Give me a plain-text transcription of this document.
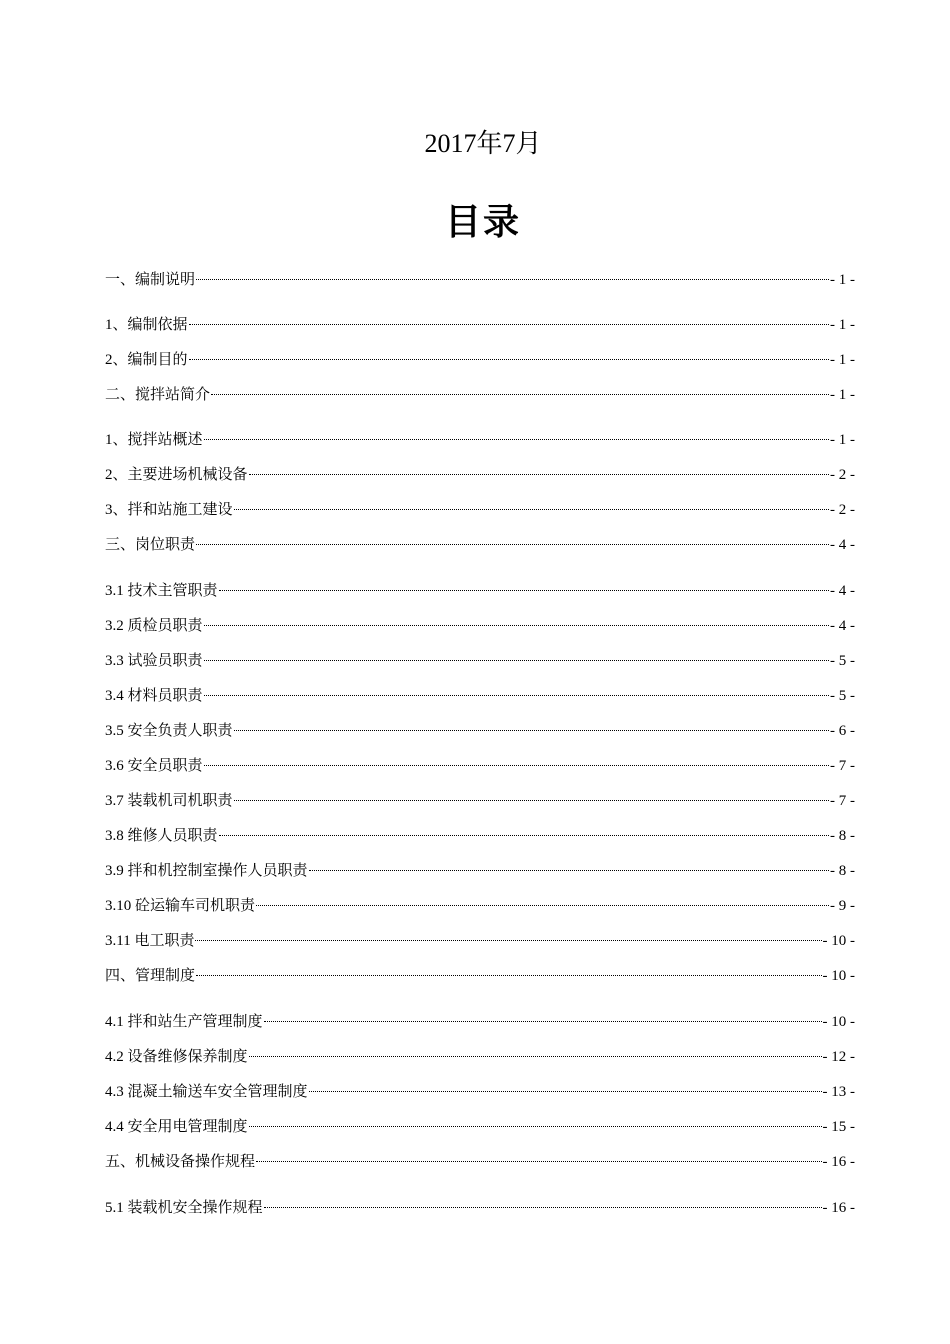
2017年7月
目录
一、编制说明	- 1 -
1、编制依据	- 1 -
2、编制目的	- 1 -
二、搅拌站简介	- 1 -
1、搅拌站概述	- 1 -
2、主要进场机械设备	- 2 -
3、拌和站施工建设	- 2 -
三、岗位职责	- 4 -
3.1 技术主管职责	- 4 -
3.2 质检员职责	- 4 -
3.3 试验员职责	- 5 -
3.4 材料员职责	- 5 -
3.5 安全负责人职责	- 6 -
3.6 安全员职责	- 7 -
3.7 装载机司机职责	- 7 -
3.8 维修人员职责	- 8 -
3.9 拌和机控制室操作人员职责	- 8 -
3.10 砼运输车司机职责	- 9 -
3.11 电工职责	- 10 -
四、管理制度	- 10 -
4.1 拌和站生产管理制度	- 10 -
4.2 设备维修保养制度	- 12 -
4.3 混凝土输送车安全管理制度	- 13 -
4.4 安全用电管理制度	- 15 -
五、机械设备操作规程	- 16 -
5.1 装载机安全操作规程	- 16 -
